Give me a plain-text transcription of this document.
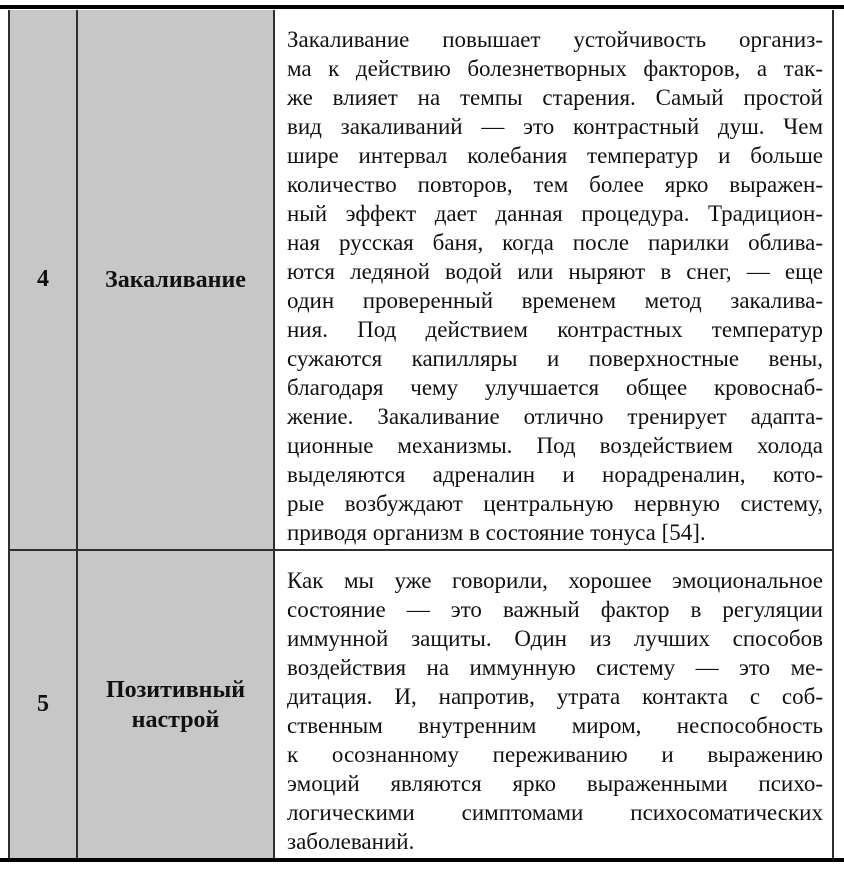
4 Закаливание
Закаливание повышает устойчивость организ-
ма к действию болезнетворных факторов, а так-
же влияет на темпы старения. Самый простой
вид закаливаний — это контрастный душ. Чем
шире интервал колебания температур и больше
количество повторов, тем более ярко выражен-
ный эффект дает данная процедура. Традицион-
ная русская баня, когда после парилки облива-
ются ледяной водой или ныряют в снег, — еще
один проверенный временем метод закалива-
ния. Под действием контрастных температур
сужаются капилляры и поверхностные вены,
благодаря чему улучшается общее кровоснаб-
жение. Закаливание отлично тренирует адапта-
ционные механизмы. Под воздействием холода
выделяются адреналин и норадреналин, кото-
рые возбуждают центральную нервную систему,
приводя организм в состояние тонуса [54].
5
Позитивный настрой
Как мы уже говорили, хорошее эмоциональное
состояние — это важный фактор в регуляции
иммунной защиты. Один из лучших способов
воздействия на иммунную систему — это ме-
дитация. И, напротив, утрата контакта с соб-
ственным внутренним миром, неспособность
к осознанному переживанию и выражению
эмоций являются ярко выраженными психо-
логическими симптомами психосоматических
заболеваний.
